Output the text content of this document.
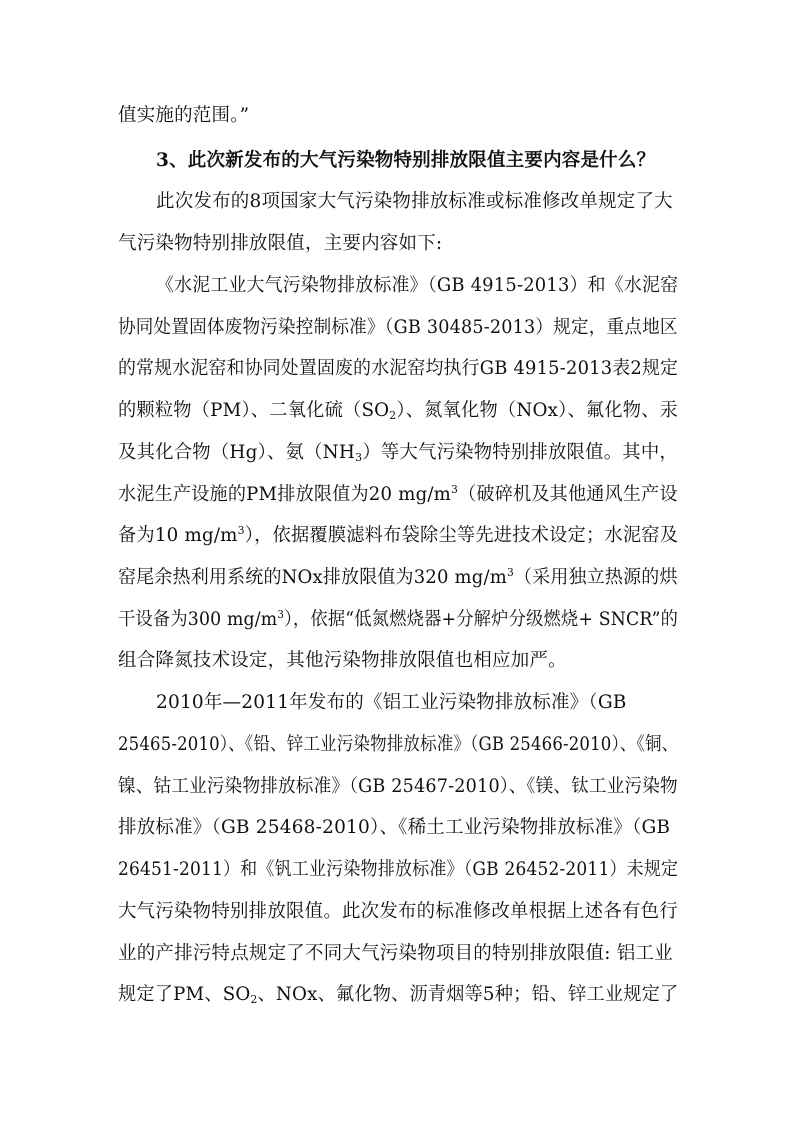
值实施的范围。”
3、此次新发布的大气污染物特别排放限值主要内容是什么？
此次发布的8项国家大气污染物排放标准或标准修改单规定了大
气污染物特别排放限值，主要内容如下:
《水泥工业大气污染物排放标准》（GB 4915-2013）和《水泥窑
协同处置固体废物污染控制标准》（GB 30485-2013）规定，重点地区
的常规水泥窑和协同处置固废的水泥窑均执行GB 4915-2013表2规定
的颗粒物（PM）、二氧化硫$(SO_2)$、氮氧化物（NOx）、氟化物、汞
及其化合物（Hg）、氨$(NH_3)$等大气污染物特别排放限值。其中，
水泥生产设施的PM排放限值为20 $mg/m^3$（破碎机及其他通风生产设
备为10 $mg/m^3$），依据覆膜滤料布袋除尘等先进技术设定；水泥窑及
窑尾余热利用系统的NOx排放限值为320 $mg/m^3$（采用独立热源的烘
干设备为300 $mg/m^3$），依据“低氮燃烧器+分解炉分级燃烧+ SNCR”的
组合降氮技术设定，其他污染物排放限值也相应加严。
2010年—2011年发布的《铝工业污染物排放标准》（GB
25465-2010）、《铅、锌工业污染物排放标准》（GB 25466-2010）、《铜、
镍、钴工业污染物排放标准》（GB 25467-2010）、《镁、钛工业污染物
排放标准》（GB 25468-2010）、《稀土工业污染物排放标准》（GB
26451-2011）和《钒工业污染物排放标准》（GB 26452-2011）未规定
大气污染物特别排放限值。此次发布的标准修改单根据上述各有色行
业的产排污特点规定了不同大气污染物项目的特别排放限值: 铝工业
规定了PM、$SO_2$、NOx、氟化物、沥青烟等5种；铅、锌工业规定了
